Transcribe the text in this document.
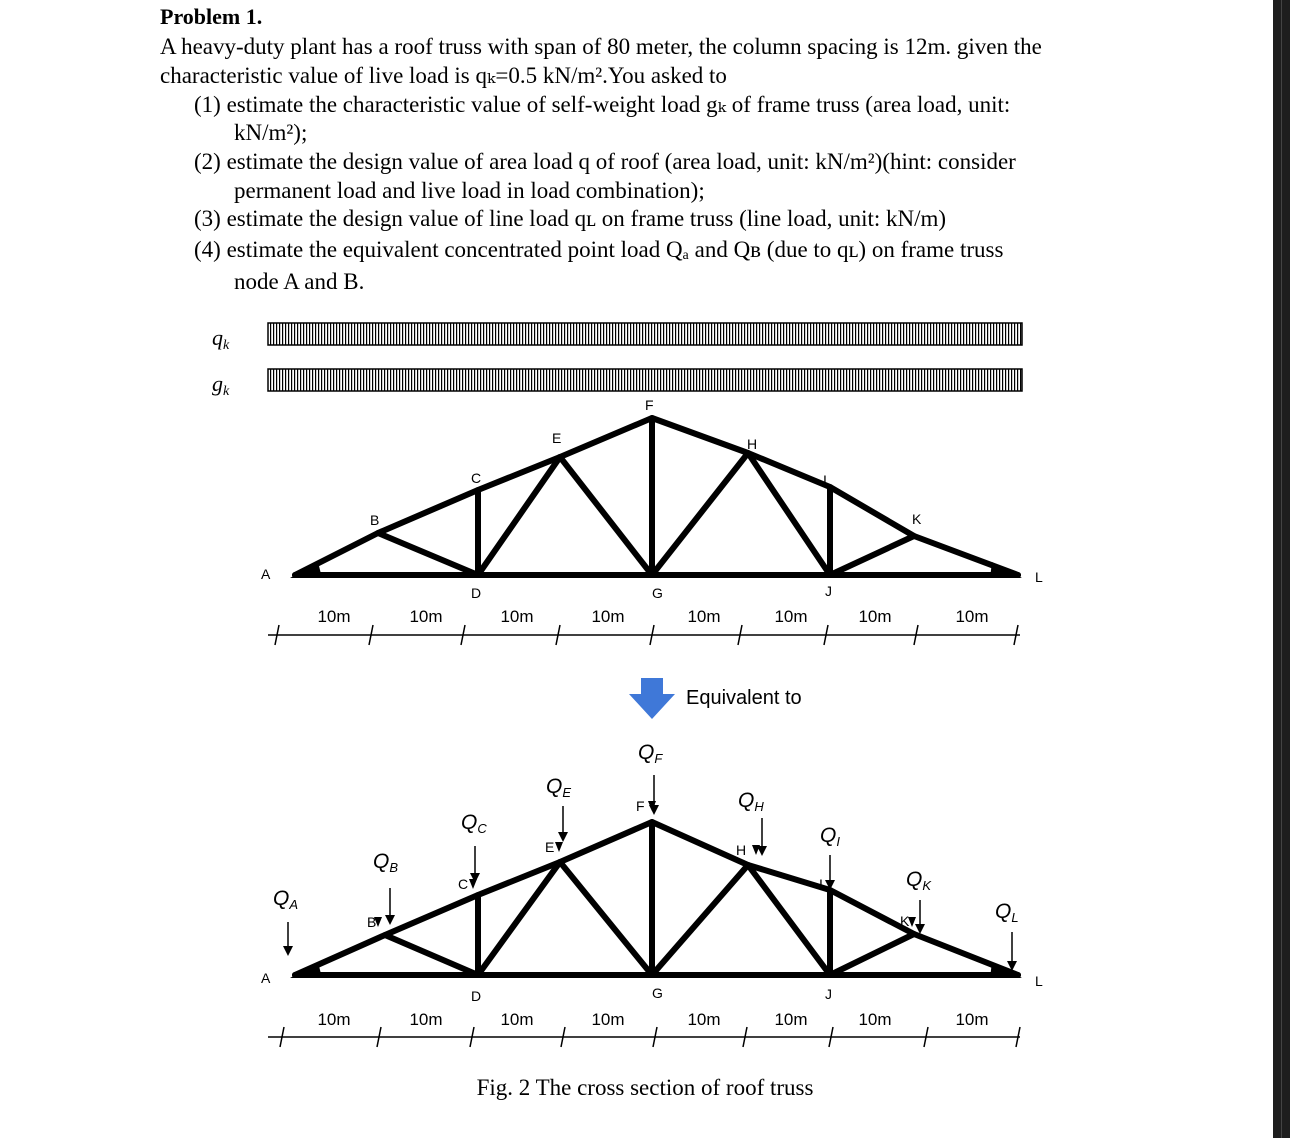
Problem 1.
A heavy-duty plant has a roof truss with span of 80 meter, the column spacing is 12m. given the
characteristic value of live load is qₖ=0.5 kN/m².You asked to
(1) estimate the characteristic value of self-weight load gₖ of frame truss (area load, unit:
kN/m²);
(2) estimate the design value of area load q of roof (area load, unit: kN/m²)(hint: consider
permanent load and live load in load combination);
(3) estimate the design value of line load qʟ on frame truss (line load, unit: kN/m)
(4) estimate the equivalent concentrated point load Qₐ and Qʙ (due to qʟ) on frame truss
node A and B.
qk
gk
A
B
C
D
E
F
G
H
I
J
K
L
10m	10m	10m	10m	10m	10m	10m	10m
Equivalent to
QA
QB
QC
QE
QF
QH
QI
QK
QL
A
B
C
D
E
F
G
H
I
J
K
L
10m	10m	10m	10m	10m	10m	10m	10m
Fig. 2 The cross section of roof truss
